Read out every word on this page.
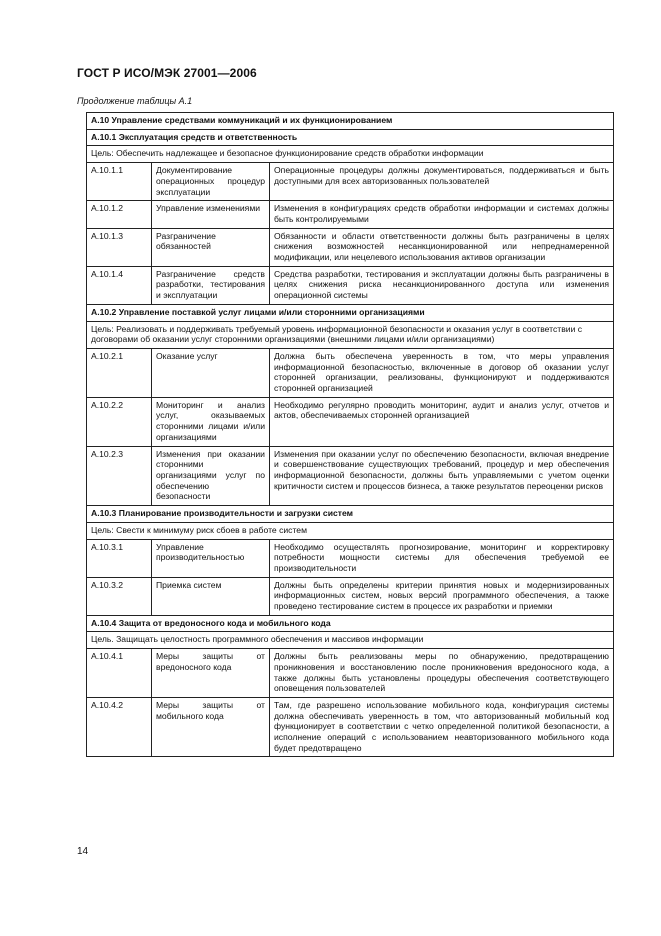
ГОСТ Р ИСО/МЭК 27001—2006
Продолжение таблицы А.1
А.10 Управление средствами коммуникаций и их функционированием		
А.10.1 Эксплуатация средств и ответственность		
Цель: Обеспечить надлежащее и безопасное функционирование средств обработки информации		
А.10.1.1	Документирование операционных процедур эксплуатации	Операционные процедуры должны документироваться, поддерживаться и быть доступными для всех авторизованных пользователей
А.10.1.2	Управление изменениями	Изменения в конфигурациях средств обработки информации и системах должны быть контролируемыми
А.10.1.3	Разграничение обязанностей	Обязанности и области ответственности должны быть разграничены в целях снижения возможностей несанкционированной или непреднамеренной модификации, или нецелевого использования активов организации
А.10.1.4	Разграничение средств разработки, тестирования и эксплуатации	Средства разработки, тестирования и эксплуатации должны быть разграничены в целях снижения риска несанкционированного доступа или изменения операционной системы
А.10.2 Управление поставкой услуг лицами и/или сторонними организациями		
Цель: Реализовать и поддерживать требуемый уровень информационной безопасности и оказания услуг в соответствии с договорами об оказании услуг сторонними организациями (внешними лицами и/или организациями)		
А.10.2.1	Оказание услуг	Должна быть обеспечена уверенность в том, что меры управления информационной безопасностью, включенные в договор об оказании услуг сторонней организации, реализованы, функционируют и поддерживаются сторонней организацией
А.10.2.2	Мониторинг и анализ услуг, оказываемых сторонними лицами и/или организациями	Необходимо регулярно проводить мониторинг, аудит и анализ услуг, отчетов и актов, обеспечиваемых сторонней организацией
А.10.2.3	Изменения при оказании сторонними организациями услуг по обеспечению безопасности	Изменения при оказании услуг по обеспечению безопасности, включая внедрение и совершенствование существующих требований, процедур и мер обеспечения информационной безопасности, должны быть управляемыми с учетом оценки критичности систем и процессов бизнеса, а также результатов переоценки рисков
А.10.3 Планирование производительности и загрузки систем		
Цель: Свести к минимуму риск сбоев в работе систем		
А.10.3.1	Управление производительностью	Необходимо осуществлять прогнозирование, мониторинг и корректировку потребности мощности системы для обеспечения требуемой ее производительности
А.10.3.2	Приемка систем	Должны быть определены критерии принятия новых и модернизированных информационных систем, новых версий программного обеспечения, а также проведено тестирование систем в процессе их разработки и приемки
А.10.4 Защита от вредоносного кода и мобильного кода		
Цель. Защищать целостность программного обеспечения и массивов информации		
А.10.4.1	Меры защиты от вредоносного кода	Должны быть реализованы меры по обнаружению, предотвращению проникновения и восстановлению после проникновения вредоносного кода, а также должны быть установлены процедуры обеспечения соответствующего оповещения пользователей
А.10.4.2	Меры защиты от мобильного кода	Там, где разрешено использование мобильного кода, конфигурация системы должна обеспечивать уверенность в том, что авторизованный мобильный код функционирует в соответствии с четко определенной политикой безопасности, а исполнение операций с использованием неавторизованного мобильного кода будет предотвращено
14
